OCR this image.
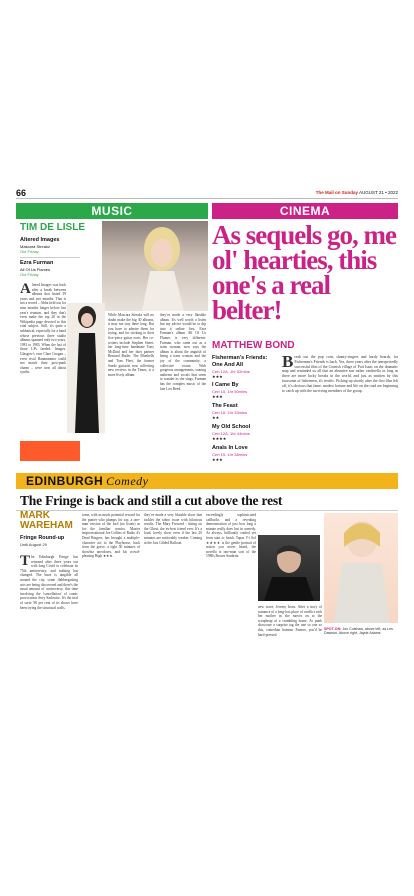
66	The Mail on Sunday AUGUST 21 • 2022
MUSIC
TIM DE LISLE
Altered Images
Mascara Streakz
Out Friday
Ezra Furman
All Of Us Flames
Out Friday
Altered Images was back after a break between albums that lasted 39 years and two months. That is not a record – Abba held out for nine months longer before last year's reunion, and they don't even make the top 20 in the Wikipedia page devoted to this vital subject. Still, it's quite a sabbatical, especially for a band whose previous three studio albums spanned only two years, 1981 to 1983. When the last of those LPs landed, Images, Glasgow's own Clare Grogan – even rival Bananarama could not match their post-punk charm – were now all about synths.
While Mascara Streakz will no doubt make the big 30 albums, it may not stay there long. But you have to admire them for trying, and for sticking to their five-piece guitar roots. Her co-writers include Stephen Street, her long-time bandmate Tony McDaid and her duet partner Bernard Butler. The Bluebells and Tom Fleet, the former Suede guitarist now collecting new reviews in the Times, is a more lively album.
they've made a very likeable album. It's well worth a listen but my advice would be to dip into it online first. Ezra Furman's album All Of Us Flames is very different: Furman, who came out as a trans woman, now says the album is about the anguish of being a trans woman and the joy of the community, a collective vision. With gorgeous arrangements, soaring anthems and vocals that seem to wander as she sings, Furman has the complex music of the late Lou Reed.
CINEMA
As sequels go, me ol' hearties, this one's a real belter!
MATTHEW BOND
Fisherman's Friends: One And All
Cert 12A, 1hr 52mins
★★★
I Came By
Cert 15, 1hr 50mins
★★★
The Feast
Cert 18, 1hr 33mins
★★
My Old School
Cert 12A, 1hr 44mins
★★★★
Anaïs In Love
Cert 15, 1hr 38mins
★★★
Break out the pop corn, shanty-singers and hardy beards, for Fisherman's Friends is back. Yes, three years after the unexpectedly successful film of the Cornish village of Port Isaac on the dramatic map and reminded us all that an absentee son rather cinderella as long as there are more lucky breaks in the world, and just as smitten by this foursome of fishermen, it's terrific. Picking up shortly after the first film left off, it's obvious that fame, modest fortune and life on the road are beginning to catch up with the surviving members of the group.
EDINBURGH Comedy
The Fringe is back and still a cut above the rest
MARK WAREHAM
Fringe Round-up
Until August 29
The Edinburgh Fringe has returned after three years out with long Covid to celebrate its 75th anniversary, and nothing has changed. The buzz is tangible all around the city, some flabbergasting acts are being discovered and there's the usual amount of controversy, this time involving the 'cancellation' of comic provocateur Jerry Sadowitz. It's the trial of sorts: 90 per cent of its shows have been trying the structural walls.
tome, with as much potential reward for the punter who plumps for say, a one-man version of the lord (no listen) as for the familiar comics. Master improvisational Joe Collins of Radio 4's Dead Ringers, has brought a multiple-character act to the Playhouse, back from the grave, a tight 50 minutes of showbiz anecdotes, and his crowd-pleasing High ★★★.
they've made a very likeable show that tackles the taboo issue with hilarious results. The Mary Forward - sitting on the Ghost, the ex-best friend ever. It's a loud, lovely show even if the last 20 minutes are noticeably weaker. Coming at the Just Gilded Balloon.
exceedingly sophisticated callbacks and a revealing demonstration of just how long a minute really does last in comedy. As always, brilliantly crafted yet from start to finish. Tapas 1½ Sol ★★★★ is the gentle portrait of action you never heard, the novella is one-man sort of the 1980s Brown Sunbrite.
new wave, Jeremy Irons. After a story of romance of a long-lost place of conflict with her mother as she moves on to the scrapheap of a crumbling home. As punk showcase a surprise tag the one so one so this, comedian humour Farmer, you'd be hard-pressed.
SPOT-ON: Jon Culshaw, above left, as Les Dawson. Above right, Jayde Adams
